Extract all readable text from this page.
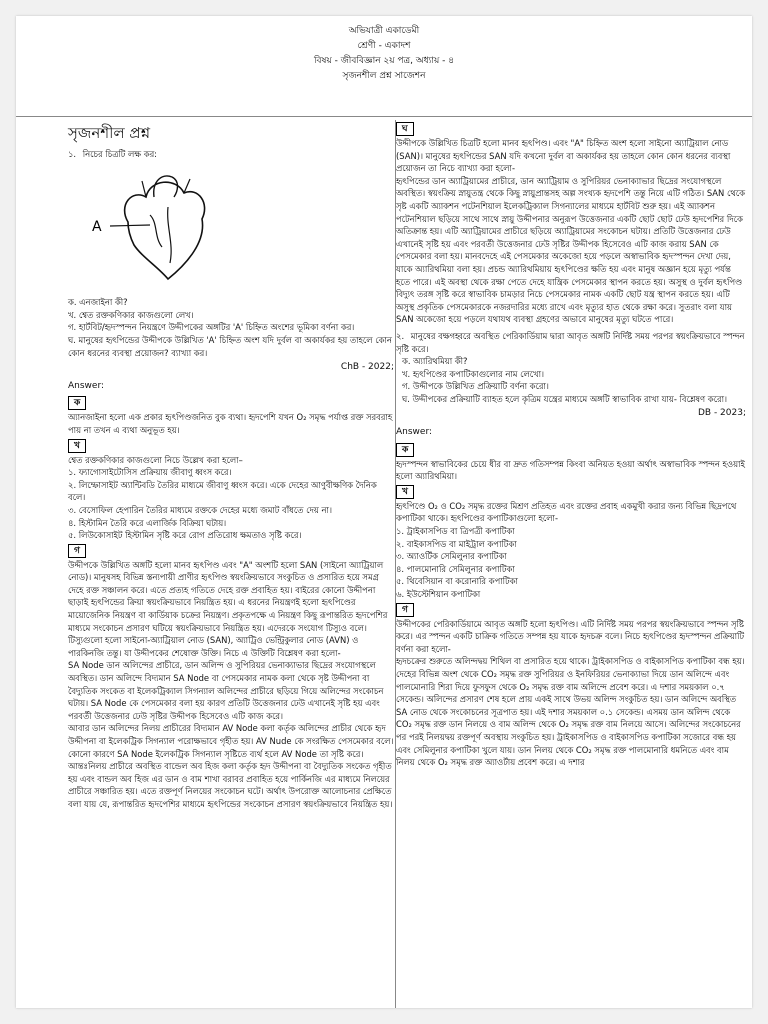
অভিযাত্রী একাডেমী
শ্রেণী - একাদশ
বিষয় - জীববিজ্ঞান ২য় পত্র, অধ্যায় - ৪
সৃজনশীল প্রশ্ন সাজেশন
সৃজনশীল প্রশ্ন

১. নিচের চিত্রটি লক্ষ কর:

A

ক. এনজাইনা কী?

খ. শ্বেত রক্তকণিকার কাজগুলো লেখ।

গ. হার্টবিট/হৃদস্পন্দন নিয়ন্ত্রণে উদ্দীপকের অঙ্গটির 'A' চিহ্নিত অংশের ভূমিকা বর্ণনা কর।

ঘ. মানুষের হৃৎপিন্ডের উদ্দীপকে উল্লিখিত 'A' চিহ্নিত অংশ যদি দুর্বল বা অকার্যকর হয় তাহলে কোন কোন ধরনের ব্যবস্থা প্রয়োজন? ব্যাখ্যা কর।

ChB - 2022;
Answer:
ক

অ্যানজাইনা হলো এক প্রকার হৃৎপিণ্ডজনিত বুক ব্যথা। হৃদপেশি যখন O₂ সমৃদ্ধ পর্যাপ্ত রক্ত সরবরাহ পায় না তখন এ ব্যথা অনুভূত হয়।

খ

শ্বেত রক্তকণিকার কাজগুলো নিচে উল্লেখ করা হলো–

১. ফ্যাগোসাইটোসিস প্রক্রিয়ায় জীবাণু ধ্বংস করে।

২. লিম্ফোসাইট অ্যান্টিবডি তৈরির মাধ্যমে জীবাণু ধ্বংস করে। একে দেহের আণুবীক্ষণিক দৈনিক বলে।

৩. বেসোফিল হেপারিন তৈরির মাধ্যমে রক্তকে দেহের মধ্যে জমাট বাঁধতে দেয় না।

৪. হিস্টামিন তৈরি করে এলার্জিক বিক্রিয়া ঘটায়।

৫. লিউকোসাইট হিস্টামিন সৃষ্টি করে রোগ প্রতিরোধ ক্ষমতাও সৃষ্টি করে।

গ

উদ্দীপকে উল্লিখিত অঙ্গটি হলো মানব হৃৎপিণ্ড এবং "A" অংশটি হলো SAN (সাইনো অ্যাট্রিয়াল নোড)। মানুষসহ বিভিন্ন স্তন্যপায়ী প্রাণীর হৃৎপিণ্ড স্বয়ংক্রিয়ভাবে সংকুচিত ও প্রসারিত হয়ে সমগ্র দেহে রক্ত সঞ্চালন করে। এতে প্রত্যহ গতিতে দেহে রক্ত প্রবাহিত হয়। বাইরের কোনো উদ্দীপনা ছাড়াই হৃৎপিন্ডের ক্রিয়া স্বয়ংক্রিয়ভাবে নিয়ন্ত্রিত হয়। এ ধরনের নিয়ন্ত্রণই হলো হৃৎপিণ্ডের মায়োজেনিক নিয়ন্ত্রণ বা কার্ডিয়াক চক্রের নিয়ন্ত্রণ। প্রকৃতপক্ষে এ নিয়ন্ত্রণ কিছু রূপান্তরিত হৃদপেশির মাধ্যমে সংকোচন প্রসারণ ঘটিয়ে স্বয়ংক্রিয়ভাবে নিয়ন্ত্রিত হয়। এদেরকে সংযোগ টিস্যুও বলে। টিস্যুগুলো হলো সাইনো-অ্যাট্রিয়াল নোড (SAN), অ্যাট্রিও ভেন্ট্রিকুলার নোড (AVN) ও পারকিনজি তন্তু। যা উদ্দীপকের শেষোক্ত উক্তি। নিচে এ উক্তিটি বিশ্লেষণ করা হলো-

SA Node ডান অলিন্দের প্রাচীরে, ডান অলিন্দ ও সুপিরিয়র ভেনাক্যাভার ছিদ্রের সংযোগস্থলে অবস্থিত। ডান অলিন্দে বিদ্যমান SA Node বা পেসমেকার নামক কলা থেকে সৃষ্ট উদ্দীপনা বা বৈদ্যুতিক সংকেত বা ইলেকট্রিক্যাল সিগন্যাল অলিন্দের প্রাচীরে ছড়িয়ে গিয়ে অলিন্দের সংকোচন ঘটায়। SA Node কে পেসমেকার বলা হয় কারণ প্রতিটি উত্তেজনার ঢেউ এখানেই সৃষ্টি হয় এবং পরবর্তী উত্তেজনার ঢেউ সৃষ্টির উদ্দীপক হিসেবেও এটি কাজ করে।

আবার ডান অলিন্দের নিলয় প্রাচীরের বিদ্যমান AV Node কলা কর্তৃক অলিন্দের প্রাচীর থেকে হৃদ উদ্দীপনা বা ইলেকট্রিক সিগন্যাল পরোক্ষভাবে গৃহীত হয়। AV Nude কে সংরক্ষিত পেসমেকার বলে। কোনো কারণে SA Node ইলেকট্রিক সিগন্যাল সৃষ্টিতে ব্যর্থ হলে AV Node তা সৃষ্টি করে। আন্তঃনিলয় প্রাচীরে অবস্থিত বান্ডেল অব হিজ কলা কর্তৃক হৃদ উদ্দীপনা বা বৈদ্যুতিক সংকেত গৃহীত হয় এবং বান্ডল অব হিজ এর ডান ও বাম শাখা বরাবর প্রবাহিত হয়ে পার্কিনজি এর মাধ্যমে নিলয়ের প্রাচীরে সঞ্চারিত হয়। এতে রক্তপূর্ণ নিলয়ের সংকোচন ঘটে। অর্থাৎ উপরোক্ত আলোচনার প্রেক্ষিতে বলা যায় যে, রূপান্তরিত হৃদপেশির মাধ্যমে হৃৎপিন্ডের সংকোচন প্রসারণ স্বয়ংক্রিয়ভাবে নিয়ন্ত্রিত হয়।

ঘ

উদ্দীপকে উল্লিখিত চিত্রটি হলো মানব হৃৎপিণ্ড। এবং "A" চিহ্নিত অংশ হলো সাইনো অ্যাট্রিয়াল নোড (SAN)। মানুষের হৃৎপিন্ডের SAN যদি কখনো দুর্বল বা অকার্যকর হয় তাহলে কোন কোন ধরনের ব্যবস্থা প্রয়োজন তা নিচে ব্যাখ্যা করা হলো-

হৃৎপিন্ডের ডান অ্যাট্রিয়ামের প্রাচীরে, ডান অ্যাট্রিয়াম ও সুপিরিয়র ভেনাক্যাভার ছিদ্রের সংযোগস্থলে অবস্থিত। স্বয়ংক্রিয় স্নায়ুতন্ত্র থেকে কিছু স্নায়ুপ্রান্তসহ অল্প সংখ্যক হৃদপেশি তন্তু নিয়ে এটি গঠিত। SAN থেকে সৃষ্ট একটি অ্যাকশন পটেনশিয়াল ইলেকট্রিক্যাল সিগন্যালের মাধ্যমে হার্টবিট শুরু হয়। এই অ্যাকশন পটেনশিয়াল ছড়িয়ে সাথে সাথে স্নায়ু উদ্দীপনার অনুরূপ উত্তেজনার একটি ছোট ছোট ঢেউ হৃদপেশির দিকে অতিক্রান্ত হয়। এটি অ্যাট্রিয়ামের প্রাচীরে ছড়িয়ে অ্যাট্রিয়ামের সংকোচন ঘটায়। প্রতিটি উত্তেজনার ঢেউ এখানেই সৃষ্টি হয় এবং পরবর্তী উত্তেজনার ঢেউ সৃষ্টির উদ্দীপক হিসেবেও এটি কাজ করায় SAN কে পেসমেকার বলা হয়। মানবদেহে এই পেসমেকার অকেজো হয়ে পড়লে অস্বাভাবিক হৃদস্পন্দন দেখা দেয়, যাকে অ্যারিথমিয়া বলা হয়। প্রচন্ড অ্যারিথমিয়ায় হৃৎপিণ্ডের ক্ষতি হয় এবং মানুষ অজ্ঞান হয়ে মৃত্যু পর্যন্ত হতে পারে। এই অবস্থা থেকে রক্ষা পেতে দেহে যান্ত্রিক পেসমেকার স্থাপন করতে হয়। অসুস্থ ও দুর্বল হৃৎপিণ্ড বিদ্যুৎ তরঙ্গ সৃষ্টি করে স্বাভাবিক চামড়ার নিচে পেসমেকার নামক একটি ছোট যন্ত্র স্থাপন করতে হয়। এটি অসুস্থ প্রকৃতিক পেসমেকারকে নজরদারির মধ্যে রাখে এবং মৃত্যুর হাত থেকে রক্ষা করে। সুতরাং বলা যায় SAN অকেজো হয়ে পড়লে যথাযথ ব্যবস্থা গ্রহণের অভাবে মানুষের মৃত্যু ঘটতে পারে।

২. মানুষের বক্ষগহ্বরে অবস্থিত পেরিকার্ডিয়াম দ্বারা আবৃত অঙ্গটি নির্দিষ্ট সময় পরপর স্বয়ংক্রিয়ভাবে স্পন্দন সৃষ্টি করে।

ক. অ্যারিথমিয়া কী?

খ. হৃৎপিণ্ডের কপাটিকাগুলোর নাম লেখো।

গ. উদ্দীপকে উল্লিখিত প্রক্রিয়াটি বর্ণনা করো।

ঘ. উদ্দীপকের প্রক্রিয়াটি ব্যাহত হলে কৃত্রিম যন্ত্রের মাধ্যমে অঙ্গটি স্বাভাবিক রাখা যায়- বিশ্লেষণ করো।

DB - 2023;
Answer:
ক

হৃদস্পন্দন স্বাভাবিকের চেয়ে ধীর বা দ্রুত গতিসম্পন্ন কিংবা অনিয়ত হওয়া অর্থাৎ অস্বাভাবিক স্পন্দন হওয়াই হলো অ্যারিথমিয়া।

খ

হৃৎপিণ্ডে O₂ ও CO₂ সমৃদ্ধ রক্তের মিশ্রণ প্রতিহত এবং রক্তের প্রবাহ একমুখী করার জন্য বিভিন্ন ছিদ্রপথে কপাটিকা থাকে। হৃৎপিণ্ডের কপাটিকাগুলো হলো-

১. ট্রাইকাসপিড বা ত্রিপত্রী কপাটিকা

২. বাইকাসপিড বা মাইট্রাল কপাটিকা

৩. অ্যাওর্টিক সেমিলুনার কপাটিকা

৪. পালমোনারি সেমিলুনার কপাটিকা

৫. থিবেসিয়ান বা করোনারি কপাটিকা

৬. ইউস্টেশিয়ান কপাটিকা

গ

উদ্দীপকের পেরিকার্ডিয়ামে আবৃত অঙ্গটি হলো হৃৎপিণ্ড। এটি নির্দিষ্ট সময় পরপর স্বয়ংক্রিয়ভাবে স্পন্দন সৃষ্টি করে। এর স্পন্দন একটি চাক্রিক গতিতে সম্পন্ন হয় যাকে হৃদচক্র বলে। নিচে হৃৎপিণ্ডের হৃদস্পন্দন প্রক্রিয়াটি বর্ণনা করা হলো-

হৃদচক্রের শুরুতে অলিন্দদ্বয় শিথিল বা প্রসারিত হয়ে থাকে। ট্রাইকাসপিড ও বাইকাসপিড কপাটিকা বন্ধ হয়। দেহের বিভিন্ন অংশ থেকে CO₂ সমৃদ্ধ রক্ত সুপিরিয়র ও ইনফিরিয়র ভেনাক্যাভা দিয়ে ডান অলিন্দে এবং পালমোনারি শিরা দিয়ে ফুসফুস থেকে O₂ সমৃদ্ধ রক্ত বাম অলিন্দে প্রবেশ করে। এ দশার সময়কাল ০.৭ সেকেন্ড। অলিন্দের প্রসারণ শেষ হলে প্রায় একই সাথে উভয় অলিন্দ সংকুচিত হয়। ডান অলিন্দে অবস্থিত SA নোড থেকে সংকোচনের সূত্রপাত হয়। এই দশার সময়কাল ০.১ সেকেন্ড। এসময় ডান অলিন্দ থেকে CO₂ সমৃদ্ধ রক্ত ডান নিলয়ে ও বাম অলিন্দ থেকে O₂ সমৃদ্ধ রক্ত বাম নিলয়ে আসে। অলিন্দের সংকোচনের পর পরই নিলয়দ্বয় রক্তপূর্ণ অবস্থায় সংকুচিত হয়। ট্রাইকাসপিড ও বাইকাসপিড কপাটিকা সজোরে বন্ধ হয় এবং সেমিলুনার কপাটিকা খুলে যায়। ডান নিলয় থেকে CO₂ সমৃদ্ধ রক্ত পালমোনারি ধমনিতে এবং বাম নিলয় থেকে O₂ সমৃদ্ধ রক্ত অ্যাওর্টায় প্রবেশ করে। এ দশার
